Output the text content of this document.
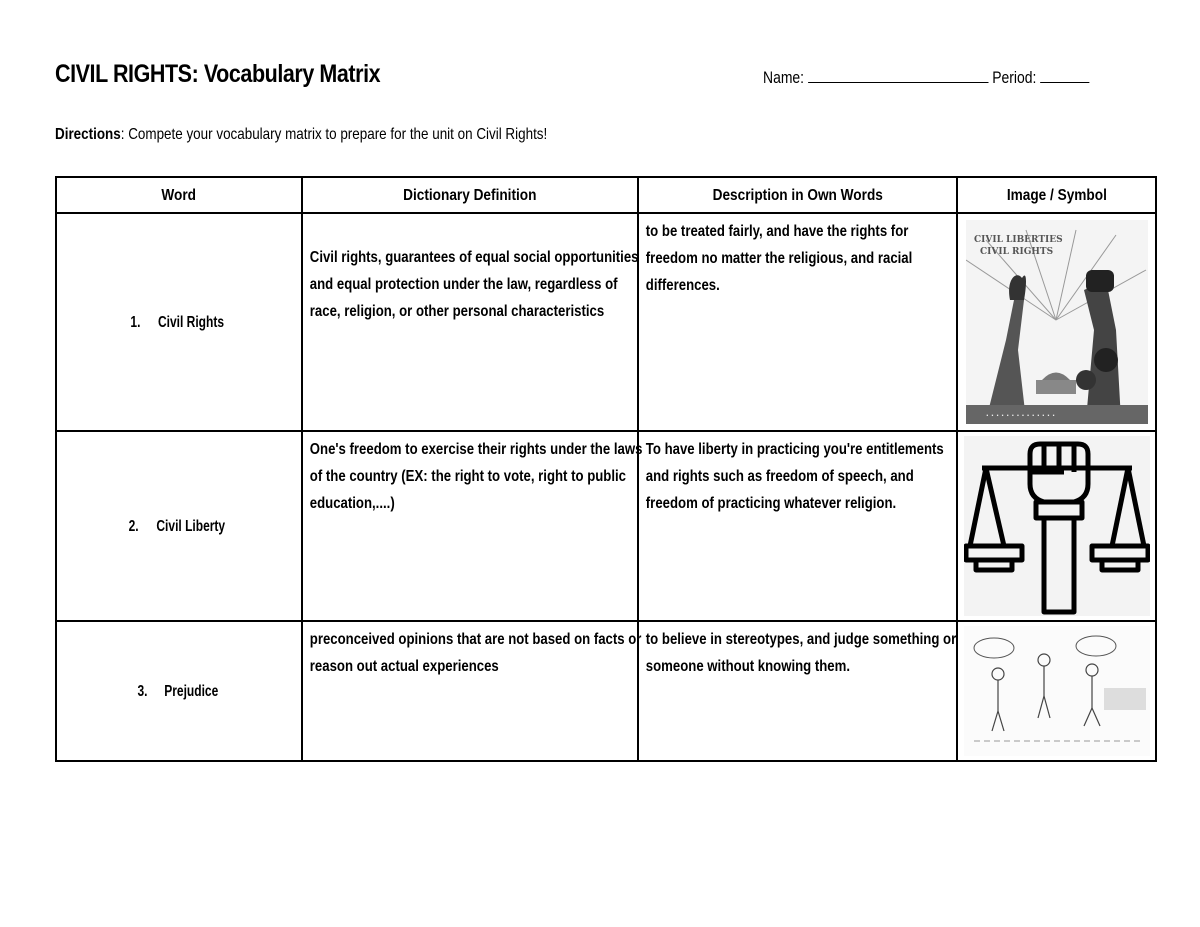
CIVIL RIGHTS: Vocabulary Matrix	Name:	Period:
Directions: Compete your vocabulary matrix to prepare for the unit on Civil Rights!
Word	Dictionary Definition	Description in Own Words	Image / Symbol
1. Civil Rights	Civil rights, guarantees of equal social opportunities and equal protection under the law, regardless of race, religion, or other personal characteristics	to be treated fairly, and have the rights for freedom no matter the religious, and racial differences.	CIVIL LIBERTIES
CIVIL RIGHTS
· · · · · · · · · · · · · ·

2. Civil Liberty	One's freedom to exercise their rights under the laws of the country (EX: the right to vote, right to public education,....)	To have liberty in practicing you're entitlements and rights such as freedom of speech, and freedom of practicing whatever religion.

3. Prejudice	preconceived opinions that are not based on facts or reason out actual experiences	to believe in stereotypes, and judge something or someone without knowing them.
